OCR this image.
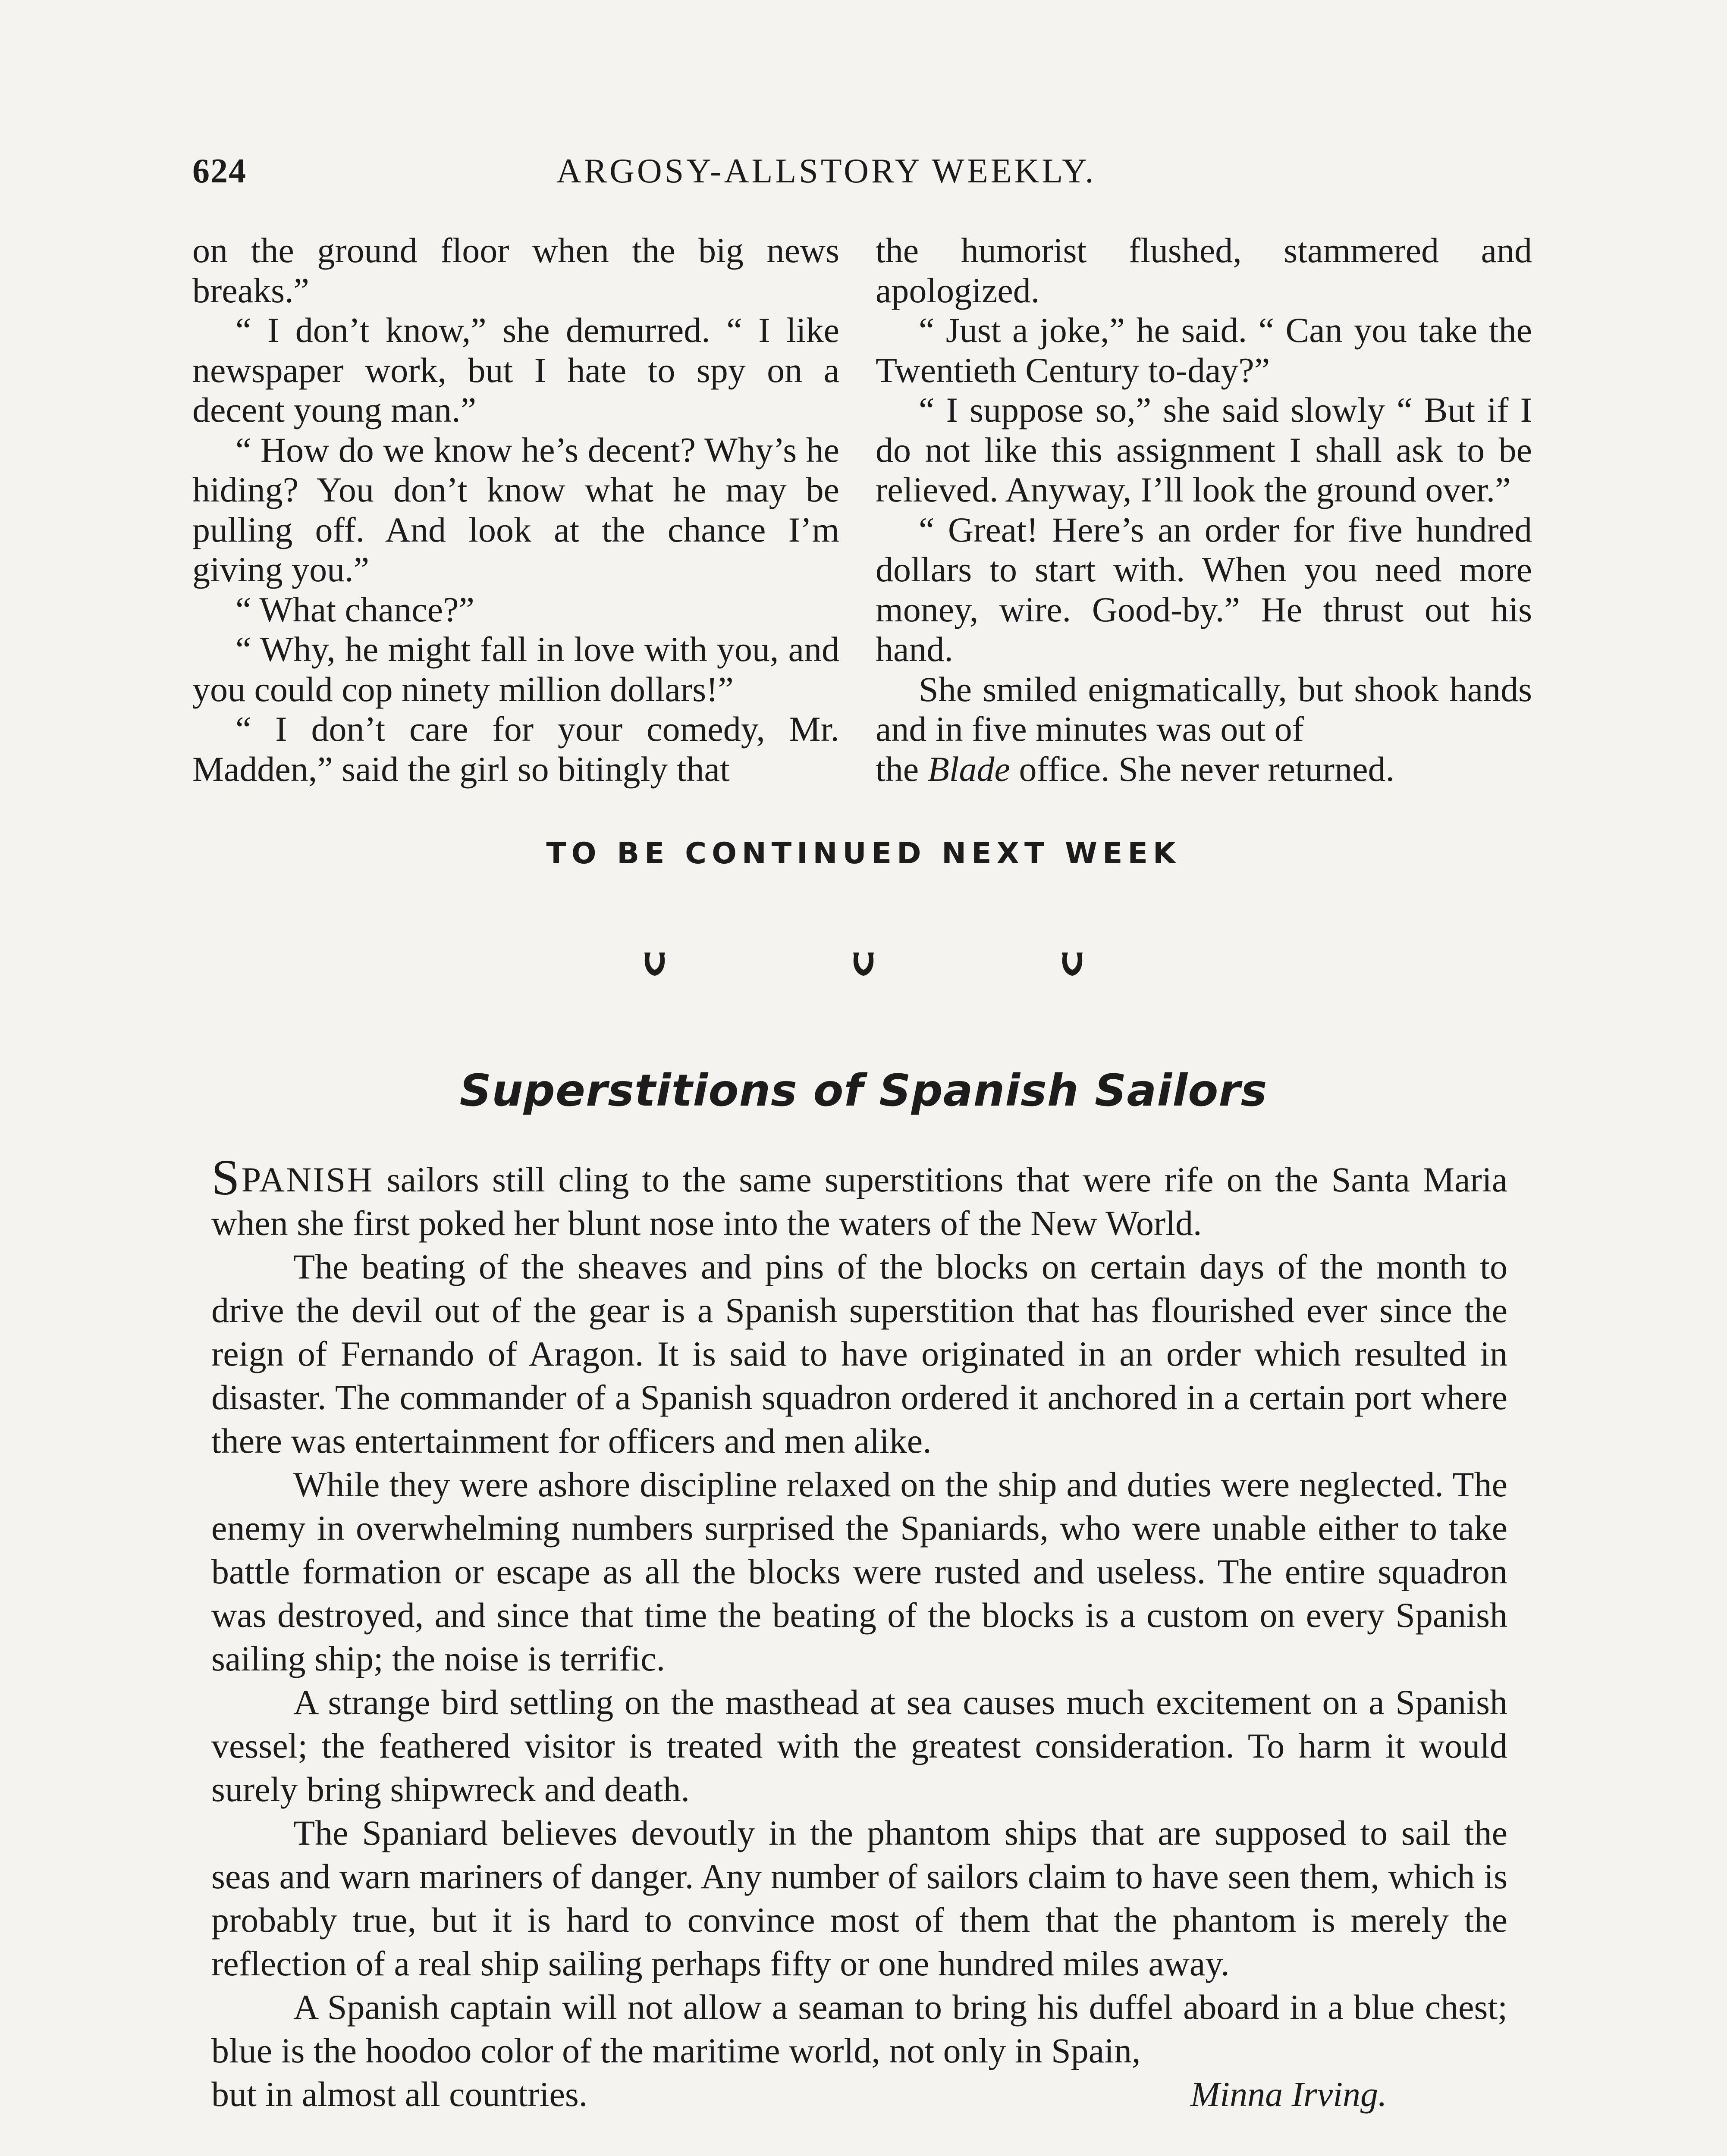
624	ARGOSY-ALLSTORY WEEKLY.

on the ground floor when the big news breaks.”

“ I don’t know,” she demurred. “ I like newspaper work, but I hate to spy on a decent young man.”

“ How do we know he’s decent? Why’s he hiding? You don’t know what he may be pulling off. And look at the chance I’m giving you.”

“ What chance?”

“ Why, he might fall in love with you, and you could cop ninety million dollars!”

“ I don’t care for your comedy, Mr. Madden,” said the girl so bitingly that

the humorist flushed, stammered and apologized.

“ Just a joke,” he said. “ Can you take the Twentieth Century to-day?”

“ I suppose so,” she said slowly “ But if I do not like this assignment I shall ask to be relieved. Anyway, I’ll look the ground over.”

“ Great! Here’s an order for five hundred dollars to start with. When you need more money, wire. Good-by.” He thrust out his hand.

She smiled enigmatically, but shook hands and in five minutes was out of

the Blade office. She never returned.

TO BE CONTINUED NEXT WEEK

Superstitions of Spanish Sailors

S PANISH sailors still cling to the same superstitions that were rife on the Santa Maria when she first poked her blunt nose into the waters of the New World.

The beating of the sheaves and pins of the blocks on certain days of the month to drive the devil out of the gear is a Spanish superstition that has flourished ever since the reign of Fernando of Aragon. It is said to have originated in an order which resulted in disaster. The commander of a Spanish squadron ordered it anchored in a certain port where there was entertainment for officers and men alike.

While they were ashore discipline relaxed on the ship and duties were neglected. The enemy in overwhelming numbers surprised the Spaniards, who were unable either to take battle formation or escape as all the blocks were rusted and useless. The entire squadron was destroyed, and since that time the beating of the blocks is a custom on every Spanish sailing ship; the noise is terrific.

A strange bird settling on the masthead at sea causes much excitement on a Spanish vessel; the feathered visitor is treated with the greatest consideration. To harm it would surely bring shipwreck and death.

The Spaniard believes devoutly in the phantom ships that are supposed to sail the seas and warn mariners of danger. Any number of sailors claim to have seen them, which is probably true, but it is hard to convince most of them that the phantom is merely the reflection of a real ship sailing perhaps fifty or one hundred miles away.

A Spanish captain will not allow a seaman to bring his duffel aboard in a blue chest; blue is the hoodoo color of the maritime world, not only in Spain,

but in almost all countries.	Minna Irving.
